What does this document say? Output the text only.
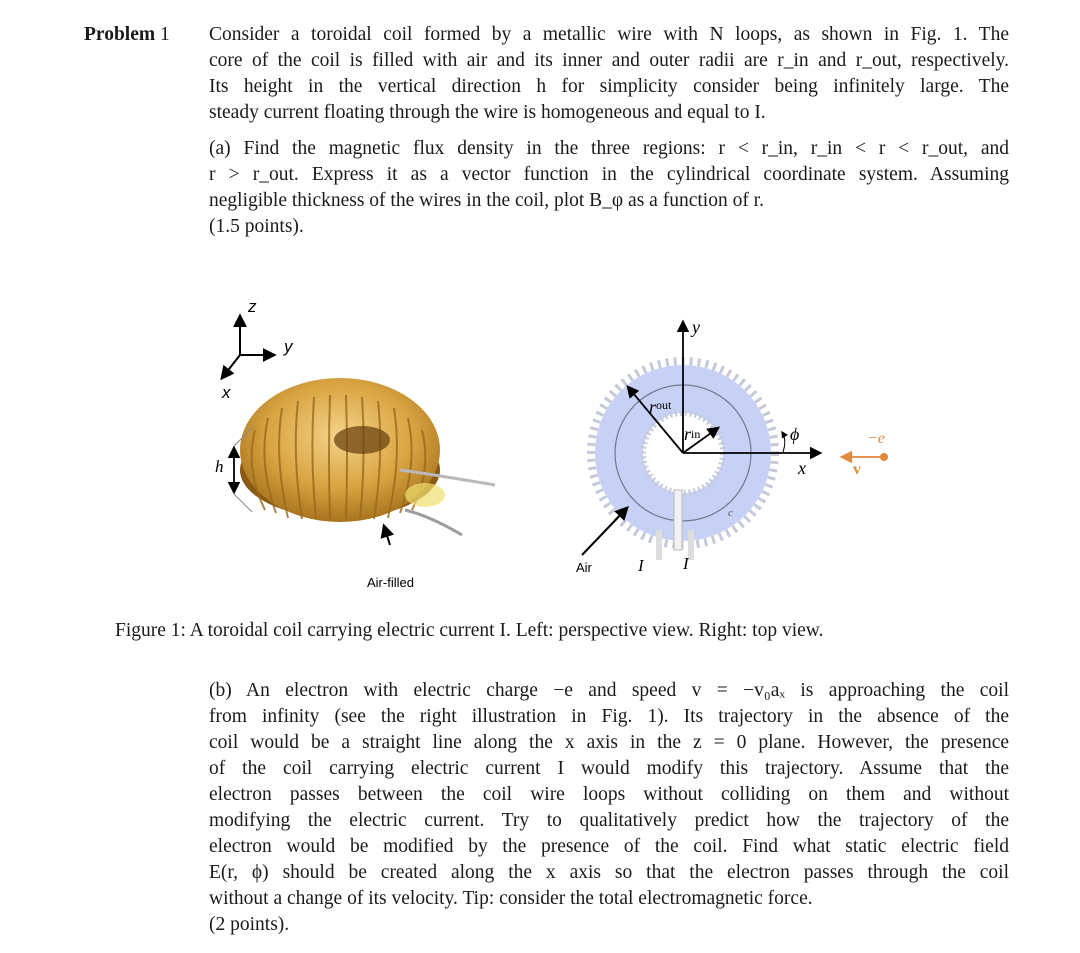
Problem 1 Consider a toroidal coil formed by a metallic wire with N loops, as shown in Fig. 1. The
core of the coil is filled with air and its inner and outer radii are r_in and r_out, respectively.
Its height in the vertical direction h for simplicity consider being infinitely large. The
steady current floating through the wire is homogeneous and equal to I.
(a) Find the magnetic flux density in the three regions: r < r_in, r_in < r < r_out, and
r > r_out. Express it as a vector function in the cylindrical coordinate system. Assuming
negligible thickness of the wires in the coil, plot B_φ as a function of r.
(1.5 points).
z
y
x
h
Air-filled
c
y
x
$r^{out}$
rin	ϕ	−e
v
Air	I I
Figure 1: A toroidal coil carrying electric current I. Left: perspective view. Right: top view.
(b) An electron with electric charge −e and speed v = −v₀aₓ is approaching the coil
from infinity (see the right illustration in Fig. 1). Its trajectory in the absence of the
coil would be a straight line along the x axis in the z = 0 plane. However, the presence
of the coil carrying electric current I would modify this trajectory. Assume that the
electron passes between the coil wire loops without colliding on them and without
modifying the electric current. Try to qualitatively predict how the trajectory of the
electron would be modified by the presence of the coil. Find what static electric field
E(r, ϕ) should be created along the x axis so that the electron passes through the coil
without a change of its velocity. Tip: consider the total electromagnetic force.
(2 points).
